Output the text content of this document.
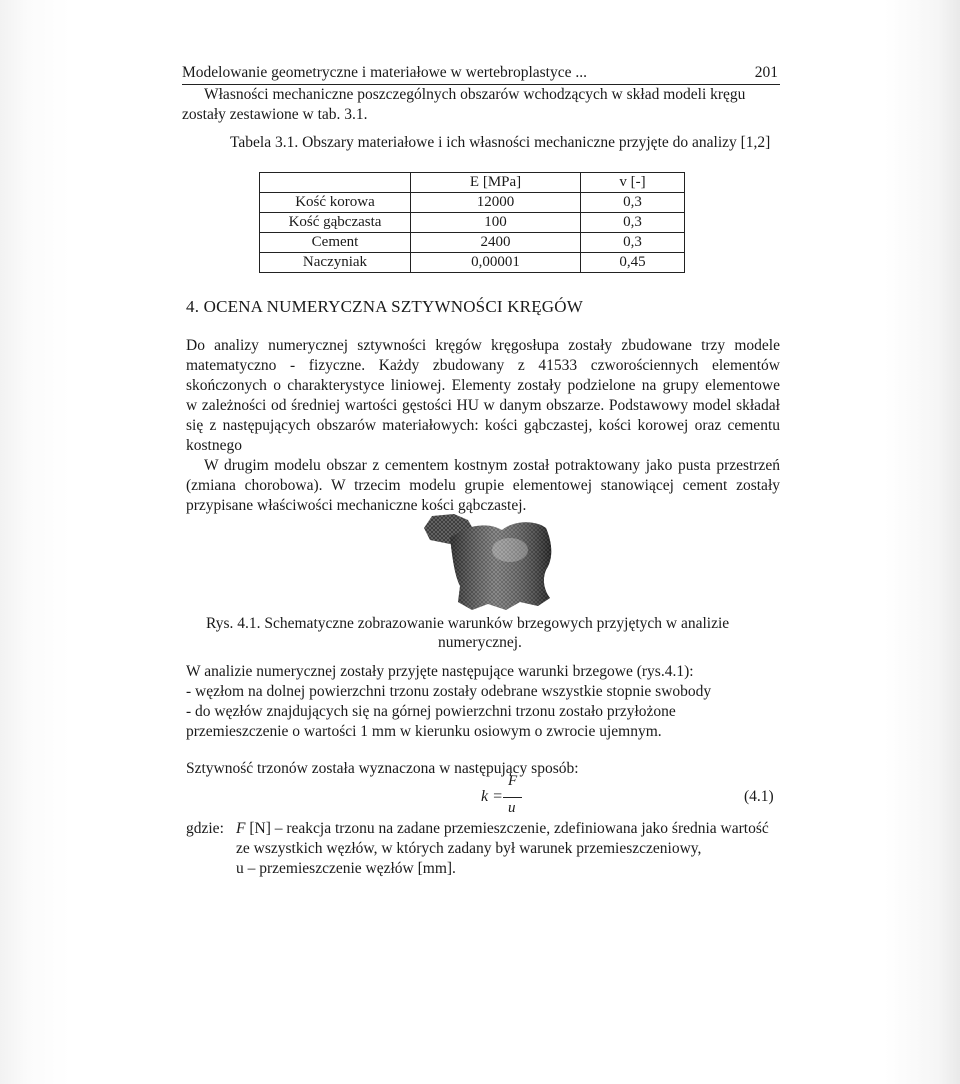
Modelowanie geometryczne i materiałowe w wertebroplastyce ...	201
Własności mechaniczne poszczególnych obszarów wchodzących w skład modeli kręgu
zostały zestawione w tab. 3.1.
Tabela 3.1. Obszary materiałowe i ich własności mechaniczne przyjęte do analizy [1,2]
	E [MPa]	v [-]
Kość korowa	12000	0,3
Kość gąbczasta	100	0,3
Cement	2400	0,3
Naczyniak	0,00001	0,45
4. OCENA NUMERYCZNA SZTYWNOŚCI KRĘGÓW
Do analizy numerycznej sztywności kręgów kręgosłupa zostały zbudowane trzy modele
matematyczno - fizyczne. Każdy zbudowany z 41533 czworościennych elementów
skończonych o charakterystyce liniowej. Elementy zostały podzielone na grupy elementowe
w zależności od średniej wartości gęstości HU w danym obszarze. Podstawowy model składał
się z następujących obszarów materiałowych: kości gąbczastej, kości korowej oraz cementu
kostnego
W drugim modelu obszar z cementem kostnym został potraktowany jako pusta przestrzeń
(zmiana chorobowa). W trzecim modelu grupie elementowej stanowiącej cement zostały
przypisane właściwości mechaniczne kości gąbczastej.
Rys. 4.1. Schematyczne zobrazowanie warunków brzegowych przyjętych w analizie
numerycznej.
W analizie numerycznej zostały przyjęte następujące warunki brzegowe (rys.4.1):
- węzłom na dolnej powierzchni trzonu zostały odebrane wszystkie stopnie swobody
- do węzłów znajdujących się na górnej powierzchni trzonu zostało przyłożone
przemieszczenie o wartości 1 mm w kierunku osiowym o zwrocie ujemnym.
Sztywność trzonów została wyznaczona w następujący sposób:
k =
F
u
(4.1)
gdzie: F [N] – reakcja trzonu na zadane przemieszczenie, zdefiniowana jako średnia wartość
ze wszystkich węzłów, w których zadany był warunek przemieszczeniowy,
u – przemieszczenie węzłów [mm].
